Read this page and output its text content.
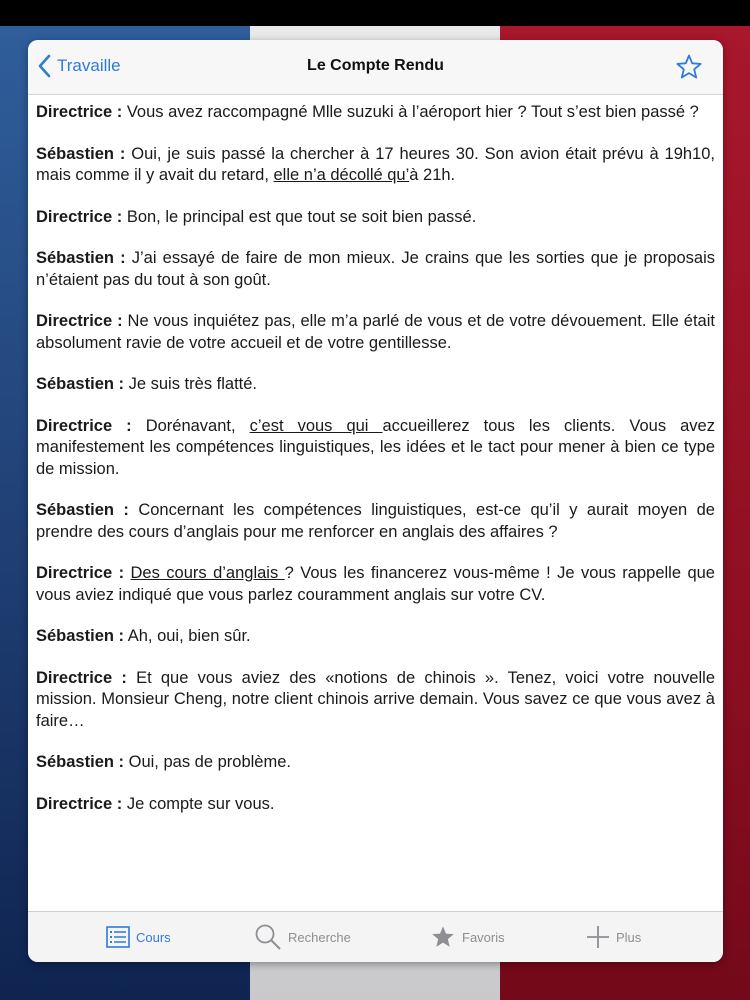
Travaille	Le Compte Rendu

Directrice : Vous avez raccompagné Mlle suzuki à l’aéroport hier ? Tout s’est bien passé ?

Sébastien : Oui, je suis passé la chercher à 17 heures 30. Son avion était prévu à 19h10, mais comme il y avait du retard, elle n’a décollé qu’à 21h.

Directrice : Bon, le principal est que tout se soit bien passé.

Sébastien : J’ai essayé de faire de mon mieux. Je crains que les sorties que je proposais n’étaient pas du tout à son goût.

Directrice : Ne vous inquiétez pas, elle m’a parlé de vous et de votre dévouement. Elle était absolument ravie de votre accueil et de votre gentillesse.

Sébastien : Je suis très flatté.

Directrice : Dorénavant, c’est vous qui accueillerez tous les clients. Vous avez manifestement les compétences linguistiques, les idées et le tact pour mener à bien ce type de mission.

Sébastien : Concernant les compétences linguistiques, est-ce qu’il y aurait moyen de prendre des cours d’anglais pour me renforcer en anglais des affaires ?

Directrice : Des cours d’anglais ? Vous les financerez vous-même ! Je vous rappelle que vous aviez indiqué que vous parlez couramment anglais sur votre CV.

Sébastien : Ah, oui, bien sûr.

Directrice : Et que vous aviez des «notions de chinois ». Tenez, voici votre nouvelle mission. Monsieur Cheng, notre client chinois arrive demain. Vous savez ce que vous avez à faire…

Sébastien : Oui, pas de problème.

Directrice : Je compte sur vous.

Cours	Recherche	Favoris	Plus
